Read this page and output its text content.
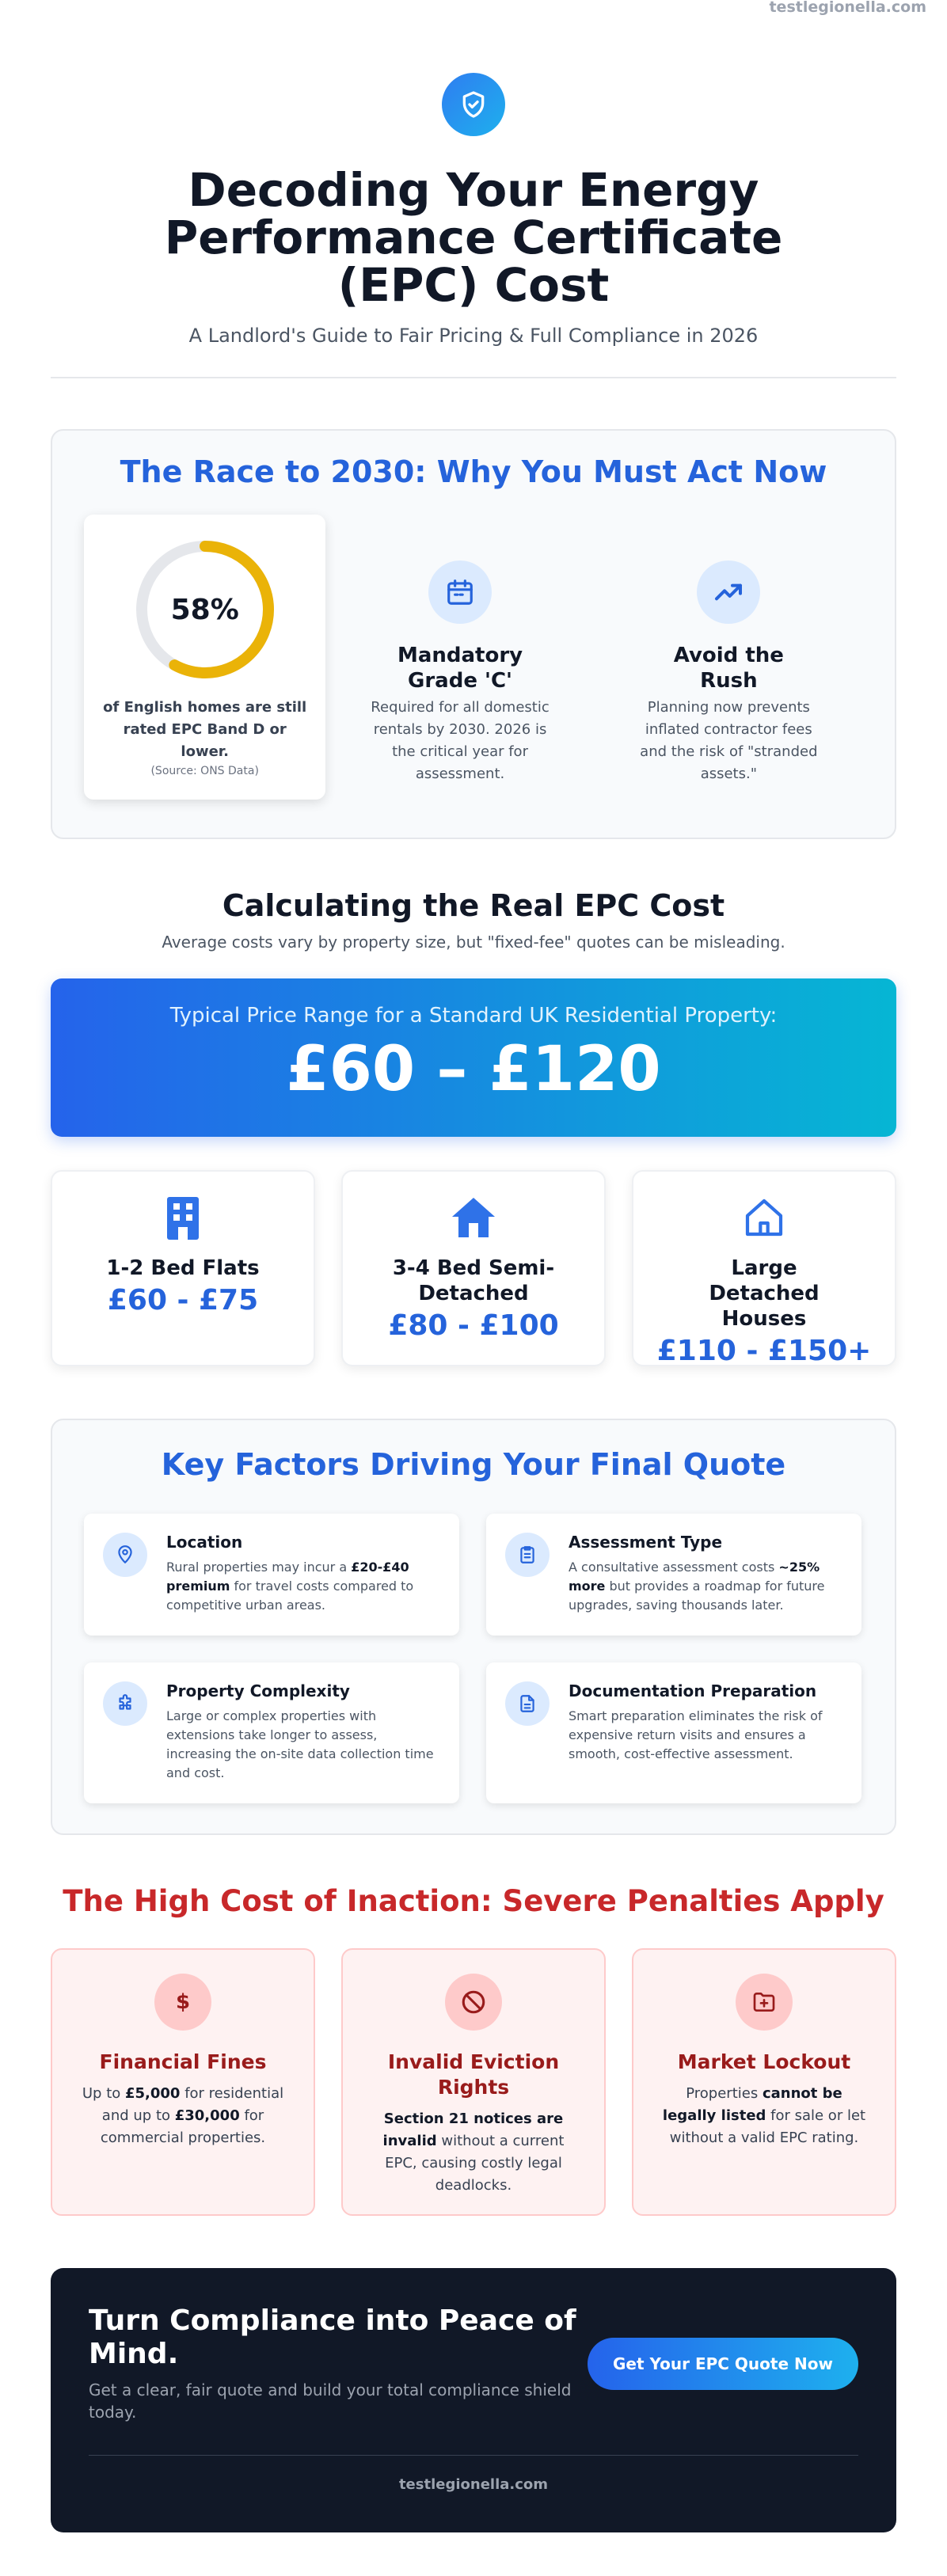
testlegionella.com
Decoding Your Energy Performance Certificate (EPC) Cost
A Landlord's Guide to Fair Pricing & Full Compliance in 2026
The Race to 2030: Why You Must Act Now
58%
of English homes are still rated EPC Band D or lower.
(Source: ONS Data)
Mandatory Grade 'C'
Required for all domestic rentals by 2030. 2026 is the critical year for assessment.
Avoid the Rush
Planning now prevents inflated contractor fees and the risk of "stranded assets."
Calculating the Real EPC Cost
Average costs vary by property size, but "fixed-fee" quotes can be misleading.
Typical Price Range for a Standard UK Residential Property:
£60 – £120
1-2 Bed Flats
£60 - £75
3-4 Bed Semi-Detached
£80 - £100
Large Detached Houses
£110 - £150+
Key Factors Driving Your Final Quote
Location
Rural properties may incur a £20-£40 premium for travel costs compared to competitive urban areas.
Assessment Type
A consultative assessment costs ~25% more but provides a roadmap for future upgrades, saving thousands later.
Property Complexity
Large or complex properties with extensions take longer to assess, increasing the on-site data collection time and cost.
Documentation Preparation
Smart preparation eliminates the risk of expensive return visits and ensures a smooth, cost-effective assessment.
The High Cost of Inaction: Severe Penalties Apply
$
Financial Fines
Up to £5,000 for residential and up to £30,000 for commercial properties.
Invalid Eviction Rights
Section 21 notices are invalid without a current EPC, causing costly legal deadlocks.
Market Lockout
Properties cannot be legally listed for sale or let without a valid EPC rating.
Turn Compliance into Peace of Mind.
Get a clear, fair quote and build your total compliance shield today.
Get Your EPC Quote Now
testlegionella.com
